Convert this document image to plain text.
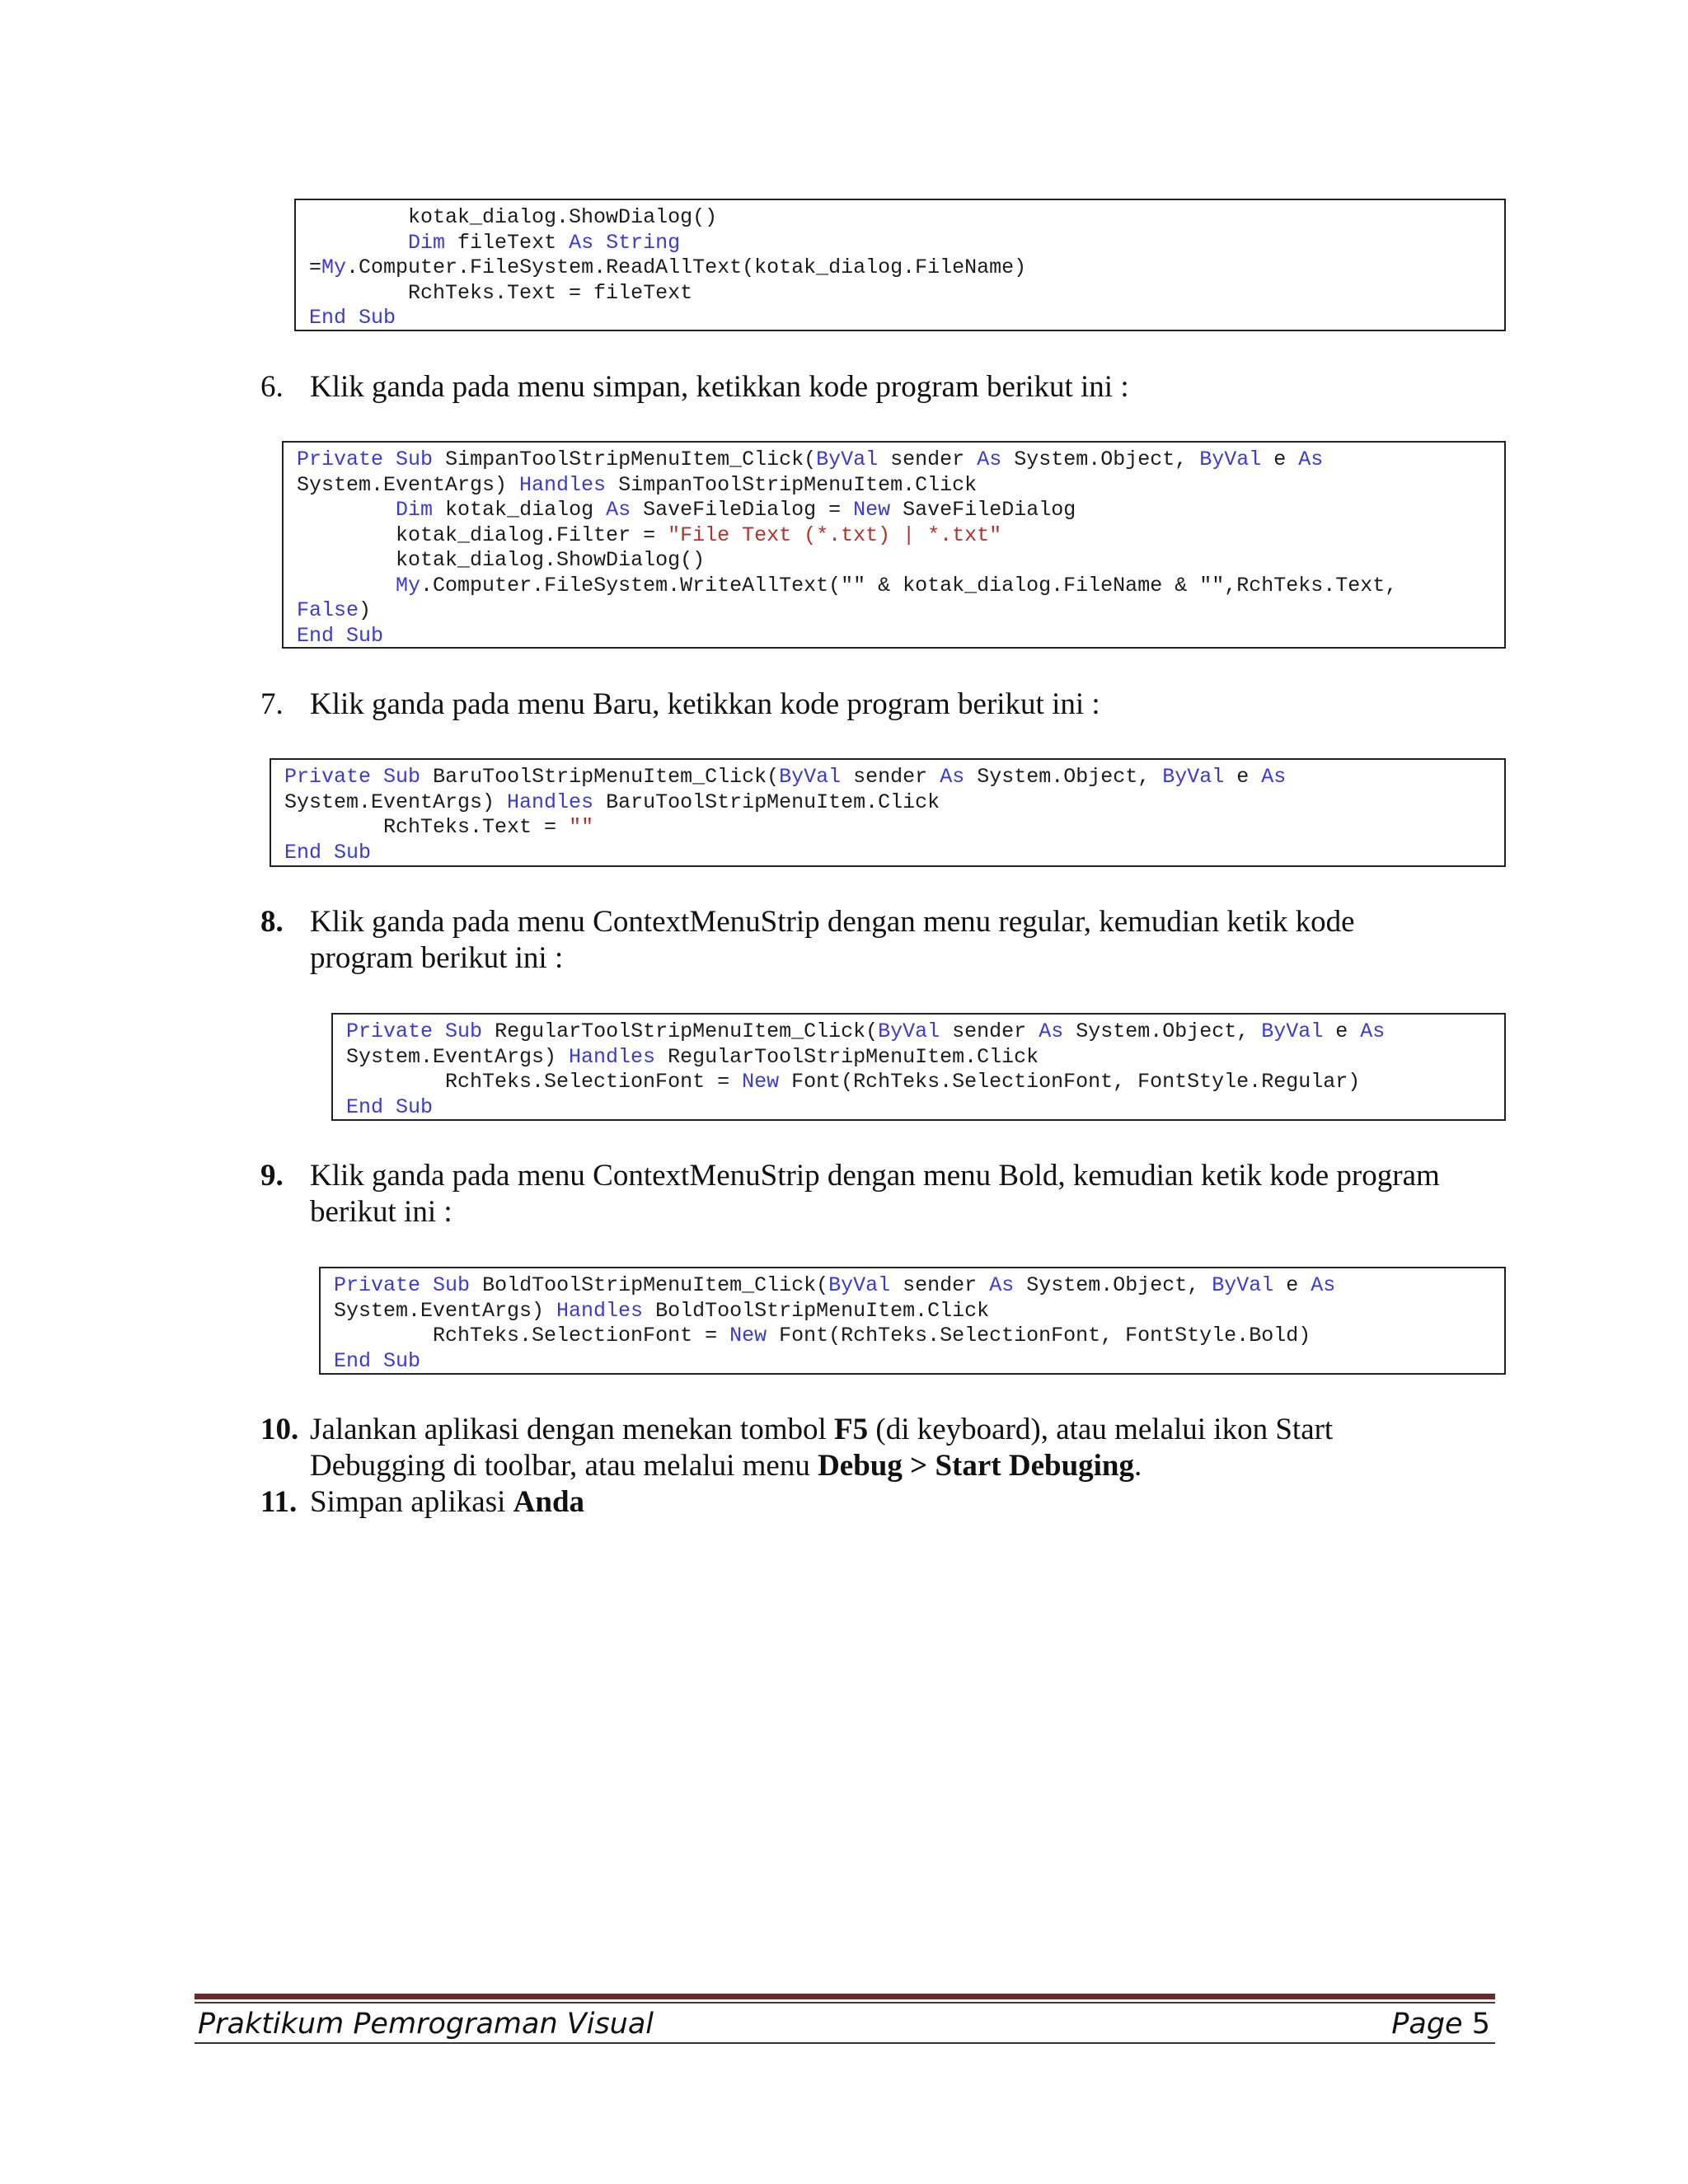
kotak_dialog.ShowDialog()
Dim fileText As String
=My.Computer.FileSystem.ReadAllText(kotak_dialog.FileName)
RchTeks.Text = fileText
End Sub
6. Klik ganda pada menu simpan, ketikkan kode program berikut ini :
Private Sub SimpanToolStripMenuItem_Click(ByVal sender As System.Object, ByVal e As
System.EventArgs) Handles SimpanToolStripMenuItem.Click
Dim kotak_dialog As SaveFileDialog = New SaveFileDialog
kotak_dialog.Filter = "File Text (*.txt) | *.txt"
kotak_dialog.ShowDialog()
My.Computer.FileSystem.WriteAllText("" & kotak_dialog.FileName & "",RchTeks.Text,
False)
End Sub
7. Klik ganda pada menu Baru, ketikkan kode program berikut ini :
Private Sub BaruToolStripMenuItem_Click(ByVal sender As System.Object, ByVal e As
System.EventArgs) Handles BaruToolStripMenuItem.Click
RchTeks.Text = ""
End Sub
8. Klik ganda pada menu ContextMenuStrip dengan menu regular, kemudian ketik kode
program berikut ini :
Private Sub RegularToolStripMenuItem_Click(ByVal sender As System.Object, ByVal e As
System.EventArgs) Handles RegularToolStripMenuItem.Click
RchTeks.SelectionFont = New Font(RchTeks.SelectionFont, FontStyle.Regular)
End Sub
9. Klik ganda pada menu ContextMenuStrip dengan menu Bold, kemudian ketik kode program
berikut ini :
Private Sub BoldToolStripMenuItem_Click(ByVal sender As System.Object, ByVal e As
System.EventArgs) Handles BoldToolStripMenuItem.Click
RchTeks.SelectionFont = New Font(RchTeks.SelectionFont, FontStyle.Bold)
End Sub
10. Jalankan aplikasi dengan menekan tombol F5 (di keyboard), atau melalui ikon Start
Debugging di toolbar, atau melalui menu Debug > Start Debuging.
11. Simpan aplikasi Anda
Praktikum Pemrograman Visual	Page 5
